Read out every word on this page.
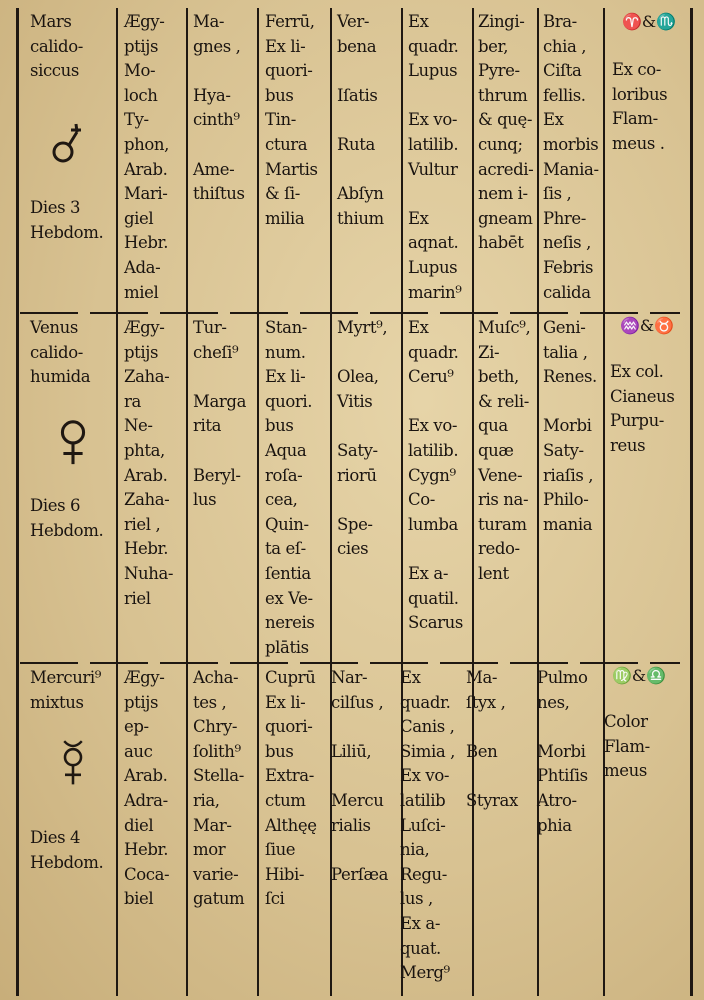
Mars
calido-
siccus
Dies 3
Hebdom.
Ægy-
ptijs
Mo-
loch
Ty-
phon,
Arab.
Mari-
giel
Hebr.
Ada-
miel
Ma-
gnes ,

Hya-
cinth⁹

Ame-
thiſtus
Ferrū,
Ex li-
quori-
bus
Tin-
ctura
Martis
& ſi-
milia
Ver-
bena

Iſatis

Ruta

Abſyn
thium
Ex
quadr.
Lupus

Ex vo-
latilib.
Vultur

Ex
aqnat.
Lupus
marin⁹
Zingi-
ber,
Pyre-
thrum
& quę-
cunq;
acredi-
nem i-
gneam
habēt
Bra-
chia ,
Ciſta
fellis.
Ex
morbis
Mania-
ſis ,
Phre-
neſis ,
Febris
calida
♈&♏
Ex co-
loribus
Flam-
meus .
Venus
calido-
humida
Dies 6
Hebdom.
Ægy-
ptijs
Zaha-
ra
Ne-
phta,
Arab.
Zaha-
riel ,
Hebr.
Nuha-
riel
Tur-
cheſi⁹

Marga
rita

Beryl-
lus
Stan-
num.
Ex li-
quori.
bus
Aqua
roſa-
cea,
Quin-
ta eſ-
ſentia
ex Ve-
nereis
plātis
Myrt⁹,

Olea,
Vitis

Saty-
riorū

Spe-
cies
Ex
quadr.
Ceru⁹

Ex vo-
latilib.
Cygn⁹
Co-
lumba

Ex a-
quatil.
Scarus
Muſc⁹,
Zi-
beth,
& reli-
qua
quæ
Vene-
ris na-
turam
redo-
lent
Geni-
talia ,
Renes.

Morbi
Saty-
riaſis ,
Philo-
mania
♒&♉
Ex col.
Cianeus
Purpu-
reus
Mercuri⁹
mixtus
Dies 4
Hebdom.
Ægy-
ptijs
ep-
auc
Arab.
Adra-
diel
Hebr.
Coca-
biel
Acha-
tes ,
Chry-
ſolith⁹
Stella-
ria,
Mar-
mor
varie-
gatum
Cuprū
Ex li-
quori-
bus
Extra-
ctum
Althęę
ſiue
Hibi-
ſci
Nar-
cilſus ,

Liliū,

Mercu
rialis

Perſæa
Ex
quadr.
Canis ,
Simia ,
Ex vo-
latilib
Luſci-
nia,
Regu-
lus ,
Ex a-
quat.
Merg⁹
Ma-
ſtyx ,

Ben

Styrax
Pulmo
nes,

Morbi
Phtiſis
Atro-
phia
♍&♎
Color
Flam-
meus
